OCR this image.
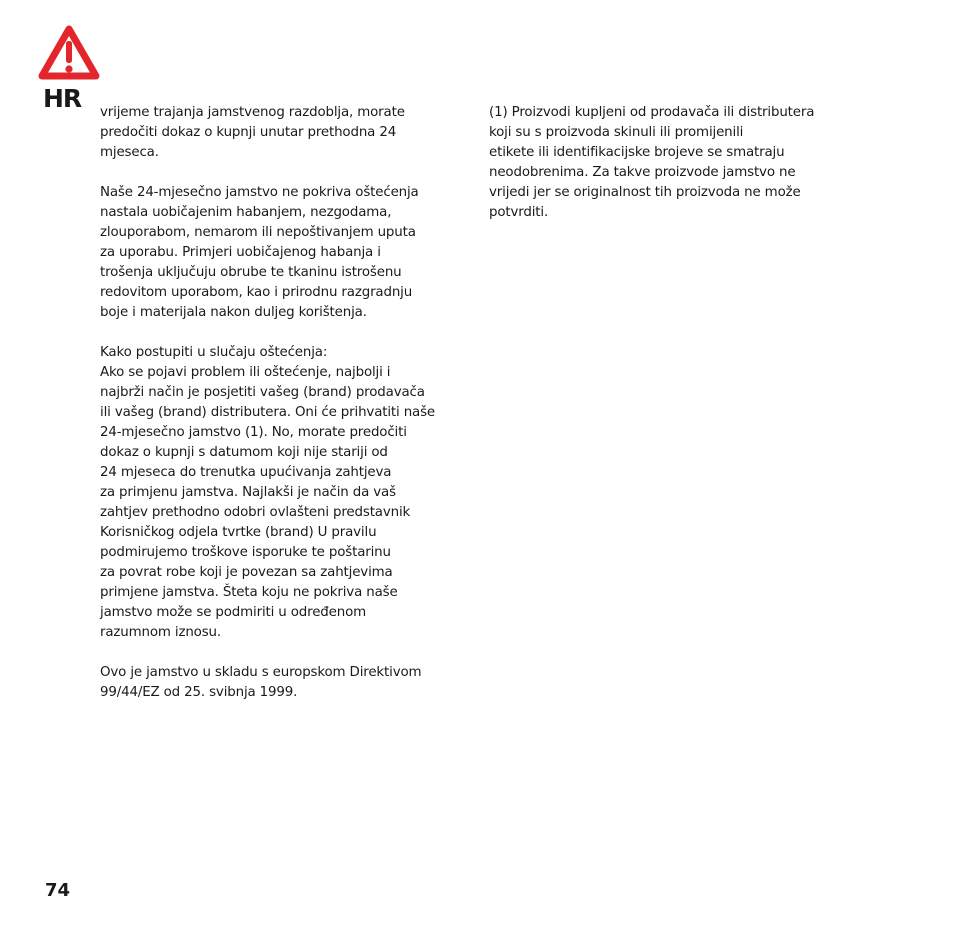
HR vrijeme trajanja jamstvenog razdoblja, morate
predočiti dokaz o kupnji unutar prethodna 24
mjeseca.
Naše 24-mjesečno jamstvo ne pokriva oštećenja
nastala uobičajenim habanjem, nezgodama,
zlouporabom, nemarom ili nepoštivanjem uputa
za uporabu. Primjeri uobičajenog habanja i
trošenja uključuju obrube te tkaninu istrošenu
redovitom uporabom, kao i prirodnu razgradnju
boje i materijala nakon duljeg korištenja.
Kako postupiti u slučaju oštećenja:
Ako se pojavi problem ili oštećenje, najbolji i
najbrži način je posjetiti vašeg (brand) prodavača
ili vašeg (brand) distributera. Oni će prihvatiti naše
24-mjesečno jamstvo (1). No, morate predočiti
dokaz o kupnji s datumom koji nije stariji od
24 mjeseca do trenutka upućivanja zahtjeva
za primjenu jamstva. Najlakši je način da vaš
zahtjev prethodno odobri ovlašteni predstavnik
Korisničkog odjela tvrtke (brand) U pravilu
podmirujemo troškove isporuke te poštarinu
za povrat robe koji je povezan sa zahtjevima
primjene jamstva. Šteta koju ne pokriva naše
jamstvo može se podmiriti u određenom
razumnom iznosu.
Ovo je jamstvo u skladu s europskom Direktivom
99/44/EZ od 25. svibnja 1999.
(1) Proizvodi kupljeni od prodavača ili distributera
koji su s proizvoda skinuli ili promijenili
etikete ili identifikacijske brojeve se smatraju
neodobrenima. Za takve proizvode jamstvo ne
vrijedi jer se originalnost tih proizvoda ne može
potvrditi.
74
